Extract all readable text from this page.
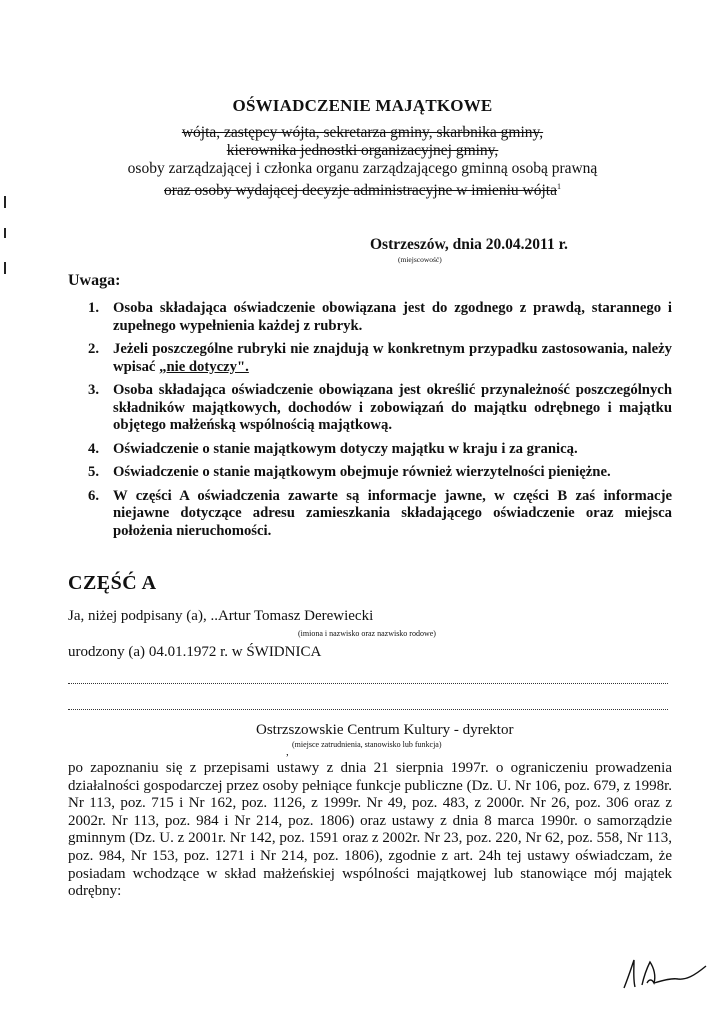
OŚWIADCZENIE MAJĄTKOWE
wójta, zastępcy wójta, sekretarza gminy, skarbnika gminy,
kierownika jednostki organizacyjnej gminy,
osoby zarządzającej i członka organu zarządzającego gminną osobą prawną
oraz osoby wydającej decyzje administracyjne w imieniu wójta$^1$
Ostrzeszów, dnia 20.04.2011 r.
(miejscowość)
Uwaga:
1. Osoba składająca oświadczenie obowiązana jest do zgodnego z prawdą, starannego i zupełnego wypełnienia każdej z rubryk.
2. Jeżeli poszczególne rubryki nie znajdują w konkretnym przypadku zastosowania, należy wpisać „nie dotyczy".
3. Osoba składająca oświadczenie obowiązana jest określić przynależność poszczególnych składników majątkowych, dochodów i zobowiązań do majątku odrębnego i majątku objętego małżeńską wspólnością majątkową.
4. Oświadczenie o stanie majątkowym dotyczy majątku w kraju i za granicą.
5. Oświadczenie o stanie majątkowym obejmuje również wierzytelności pieniężne.
6. W części A oświadczenia zawarte są informacje jawne, w części B zaś informacje niejawne dotyczące adresu zamieszkania składającego oświadczenie oraz miejsca położenia nieruchomości.
CZĘŚĆ A
Ja, niżej podpisany (a), ..Artur Tomasz Derewiecki
(imiona i nazwisko oraz nazwisko rodowe)
urodzony (a) 04.01.1972 r. w ŚWIDNICA
Ostrzszowskie Centrum Kultury - dyrektor
(miejsce zatrudnienia, stanowisko lub funkcja)
,

po zapoznaniu się z przepisami ustawy z dnia 21 sierpnia 1997r. o ograniczeniu prowadzenia działalności gospodarczej przez osoby pełniące funkcje publiczne (Dz. U. Nr 106, poz. 679, z 1998r. Nr 113, poz. 715 i Nr 162, poz. 1126, z 1999r. Nr 49, poz. 483, z 2000r. Nr 26, poz. 306 oraz z 2002r. Nr 113, poz. 984 i Nr 214, poz. 1806) oraz ustawy z dnia 8 marca 1990r. o samorządzie gminnym (Dz. U. z 2001r. Nr 142, poz. 1591 oraz z 2002r. Nr 23, poz. 220, Nr 62, poz. 558, Nr 113, poz. 984, Nr 153, poz. 1271 i Nr 214, poz. 1806), zgodnie z art. 24h tej ustawy oświadczam, że posiadam wchodzące w skład małżeńskiej wspólności majątkowej lub stanowiące mój majątek odrębny:
